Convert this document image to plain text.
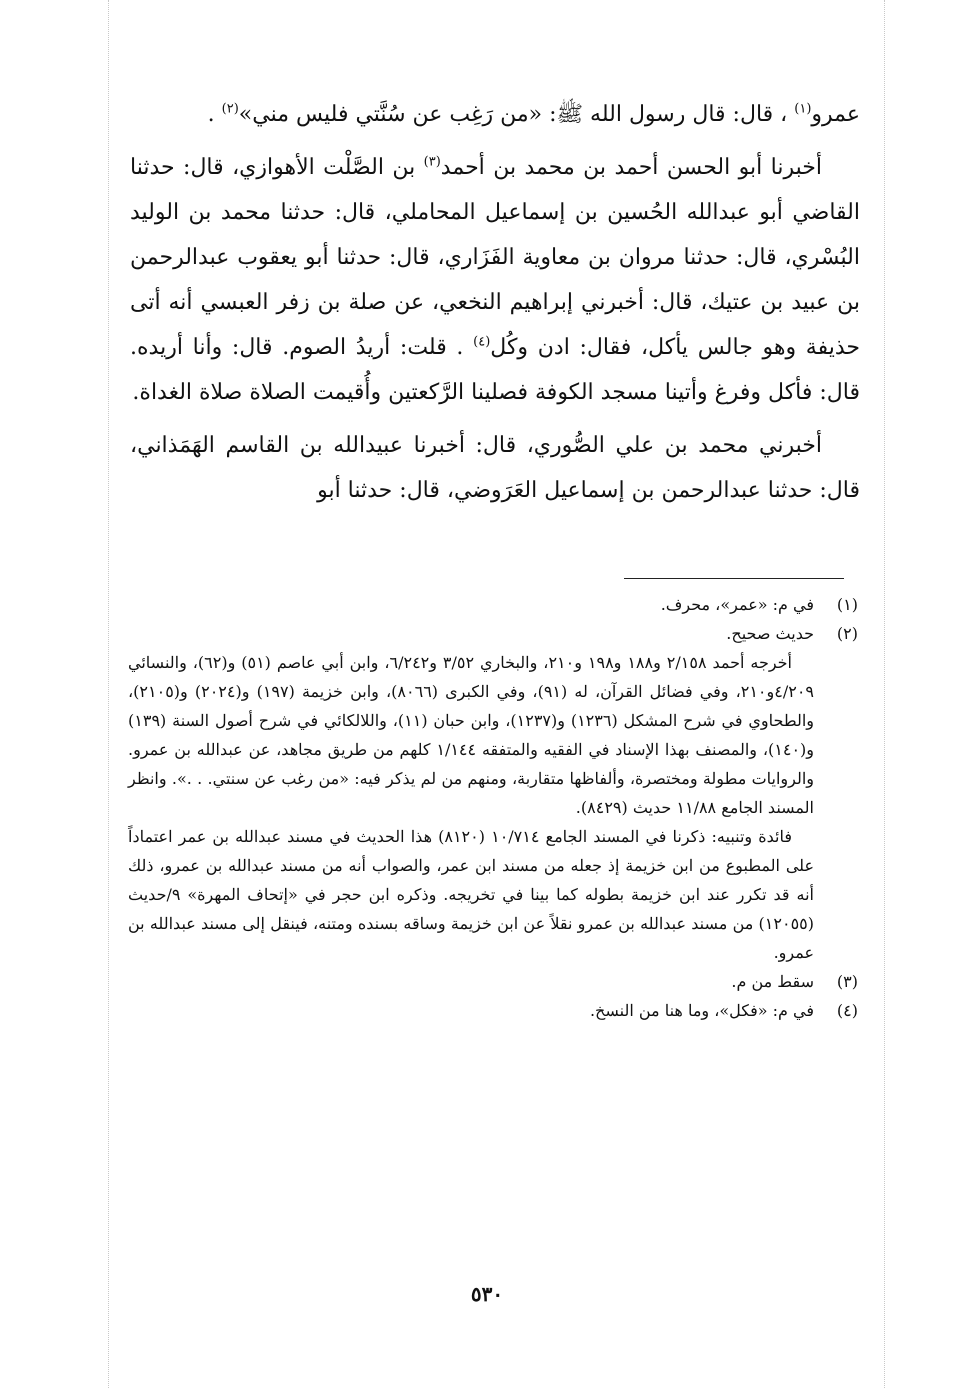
عمرو$^{(١)}$ ، قال: قال رسول الله ﷺ: «من رَغِب عن سُنَّتي فليس مني»$^{(٢)}$ .

أخبرنا أبو الحسن أحمد بن محمد بن أحمد$^{(٣)}$ بن الصَّلْت الأهوازي، قال: حدثنا القاضي أبو عبدالله الحُسين بن إسماعيل المحاملي، قال: حدثنا محمد بن الوليد البُسْري، قال: حدثنا مروان بن معاوية الفَزَاري، قال: حدثنا أبو يعقوب عبدالرحمن بن عبيد بن عتيك، قال: أخبرني إبراهيم النخعي، عن صلة بن زفر العبسي أنه أتى حذيفة وهو جالس يأكل، فقال: ادن وكُل$^{(٤)}$ . قلت: أريدُ الصوم. قال: وأنا أريده. قال: فأكل وفرغ وأتينا مسجد الكوفة فصلينا الرَّكعتين وأُقيمت الصلاة صلاة الغداة.

أخبرني محمد بن علي الصُّوري، قال: أخبرنا عبيدالله بن القاسم الهَمَذاني، قال: حدثنا عبدالرحمن بن إسماعيل العَرَوضي، قال: حدثنا أبو

(١)

في م: «عمر»، محرف.

(٢)

حديث صحيح.

أخرجه أحمد ٢/١٥٨ و١٨٨ و١٩٨ و٢١٠، والبخاري ٣/٥٢ و٦/٢٤٢، وابن أبي عاصم (٥١) و(٦٢)، والنسائي ٤/٢٠٩و٢١٠، وفي فضائل القرآن، له (٩١)، وفي الكبرى (٨٠٦٦)، وابن خزيمة (١٩٧) و(٢٠٢٤) و(٢١٠٥)، والطحاوي في شرح المشكل (١٢٣٦) و(١٢٣٧)، وابن حبان (١١)، واللالكائي في شرح أصول السنة (١٣٩) و(١٤٠)، والمصنف بهذا الإسناد في الفقيه والمتفقه ١/١٤٤ كلهم من طريق مجاهد، عن عبدالله بن عمرو. والروايات مطولة ومختصرة، وألفاظها متقاربة، ومنهم من لم يذكر فيه: «من رغب عن سنتي. . .». وانظر المسند الجامع ١١/٨٨ حديث (٨٤٢٩).

فائدة وتنبيه: ذكرنا في المسند الجامع ١٠/٧١٤ (٨١٢٠) هذا الحديث في مسند عبدالله بن عمر اعتماداً على المطبوع من ابن خزيمة إذ جعله من مسند ابن عمر، والصواب أنه من مسند عبدالله بن عمرو، ذلك أنه قد تكرر عند ابن خزيمة بطوله كما بينا في تخريجه. وذكره ابن حجر في «إتحاف المهرة» ٩/حديث (١٢٠٥٥) من مسند عبدالله بن عمرو نقلاً عن ابن خزيمة وساقه بسنده ومتنه، فينقل إلى مسند عبدالله بن عمرو.

(٣)

سقط من م.

(٤)

في م: «فكل»، وما هنا من النسخ.

٥٣٠
